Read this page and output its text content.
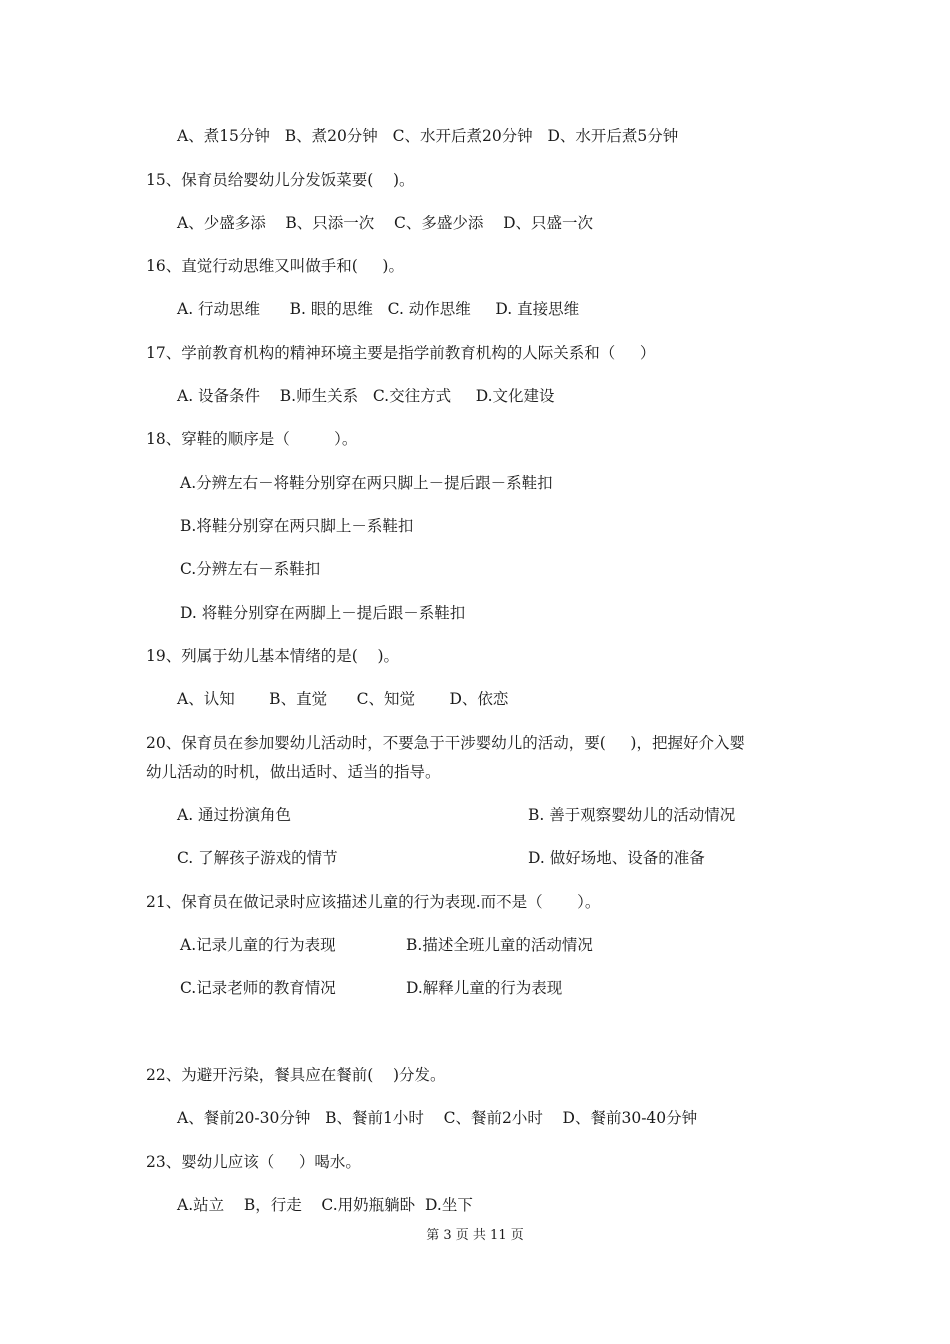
A、煮15分钟   B、煮20分钟   C、水开后煮20分钟   D、水开后煮5分钟
15、保育员给婴幼儿分发饭菜要(    )。
A、少盛多添    B、只添一次    C、多盛少添    D、只盛一次
16、直觉行动思维又叫做手和(     )。
A. 行动思维      B. 眼的思维   C. 动作思维     D. 直接思维
17、学前教育机构的精神环境主要是指学前教育机构的人际关系和（     ）
A. 设备条件    B.师生关系   C.交往方式     D.文化建设
18、穿鞋的顺序是（         ）。
A.分辨左右－将鞋分别穿在两只脚上－提后跟－系鞋扣
B.将鞋分别穿在两只脚上－系鞋扣
C.分辨左右－系鞋扣
D. 将鞋分别穿在两脚上－提后跟－系鞋扣
19、列属于幼儿基本情绪的是(    )。
A、认知       B、直觉      C、知觉       D、依恋
20、保育员在参加婴幼儿活动时，不要急于干涉婴幼儿的活动，要(     )，把握好介入婴
幼儿活动的时机，做出适时、适当的指导。
A. 通过扮演角色	B. 善于观察婴幼儿的活动情况
C. 了解孩子游戏的情节	D. 做好场地、设备的准备
21、保育员在做记录时应该描述儿童的行为表现.而不是（       ）。
A.记录儿童的行为表现	B.描述全班儿童的活动情况
C.记录老师的教育情况	D.解释儿童的行为表现
22、为避开污染，餐具应在餐前(    )分发。
A、餐前20-30分钟   B、餐前1小时    C、餐前2小时    D、餐前30-40分钟
23、婴幼儿应该（     ）喝水。
A.站立    B，行走    C.用奶瓶躺卧  D.坐下
第 3 页 共 11 页
